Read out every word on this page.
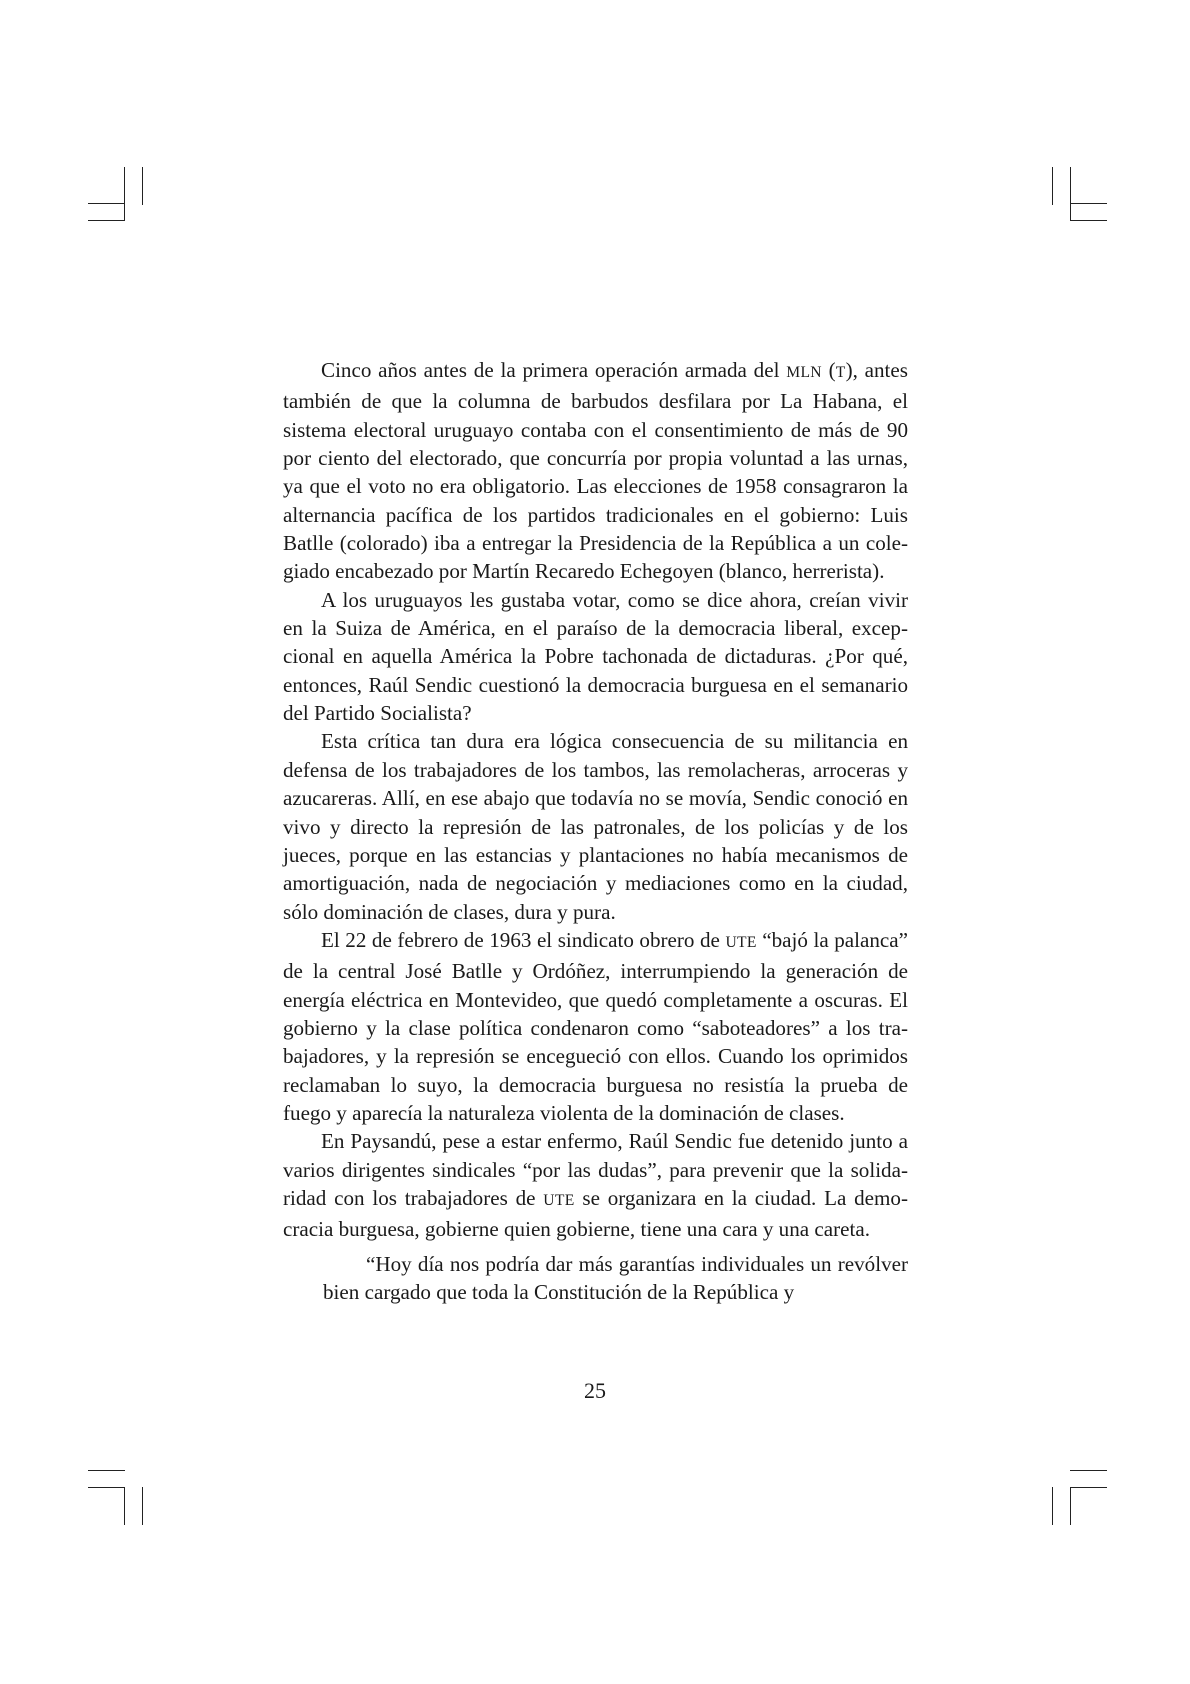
Cinco años antes de la primera operación armada del MLN (T), antes también de que la columna de barbudos desfilara por La Habana, el sistema electoral uruguayo contaba con el consentimiento de más de 90 por ciento del electorado, que concurría por propia voluntad a las urnas, ya que el voto no era obligatorio. Las elecciones de 1958 consagraron la alternancia pacífica de los partidos tradicionales en el gobierno: Luis Batlle (colorado) iba a entregar la Presidencia de la República a un colegiado encabezado por Martín Recaredo Echegoyen (blanco, herrerista).

A los uruguayos les gustaba votar, como se dice ahora, creían vivir en la Suiza de América, en el paraíso de la democracia liberal, excepcional en aquella América la Pobre tachonada de dictaduras. ¿Por qué, entonces, Raúl Sendic cuestionó la democracia burguesa en el semanario del Partido Socialista?

Esta crítica tan dura era lógica consecuencia de su militancia en defensa de los trabajadores de los tambos, las remolacheras, arroceras y azucareras. Allí, en ese abajo que todavía no se movía, Sendic conoció en vivo y directo la represión de las patronales, de los policías y de los jueces, porque en las estancias y plantaciones no había mecanismos de amortiguación, nada de negociación y mediaciones como en la ciudad, sólo dominación de clases, dura y pura.

El 22 de febrero de 1963 el sindicato obrero de UTE “bajó la palanca” de la central José Batlle y Ordóñez, interrumpiendo la generación de energía eléctrica en Montevideo, que quedó completamente a oscuras. El gobierno y la clase política condenaron como “saboteadores” a los trabajadores, y la represión se encegueció con ellos. Cuando los oprimidos reclamaban lo suyo, la democracia burguesa no resistía la prueba de fuego y aparecía la naturaleza violenta de la dominación de clases.

En Paysandú, pese a estar enfermo, Raúl Sendic fue detenido junto a varios dirigentes sindicales “por las dudas”, para prevenir que la solidaridad con los trabajadores de UTE se organizara en la ciudad. La democracia burguesa, gobierne quien gobierne, tiene una cara y una careta.

“Hoy día nos podría dar más garantías individuales un revólver bien cargado que toda la Constitución de la República y

25
